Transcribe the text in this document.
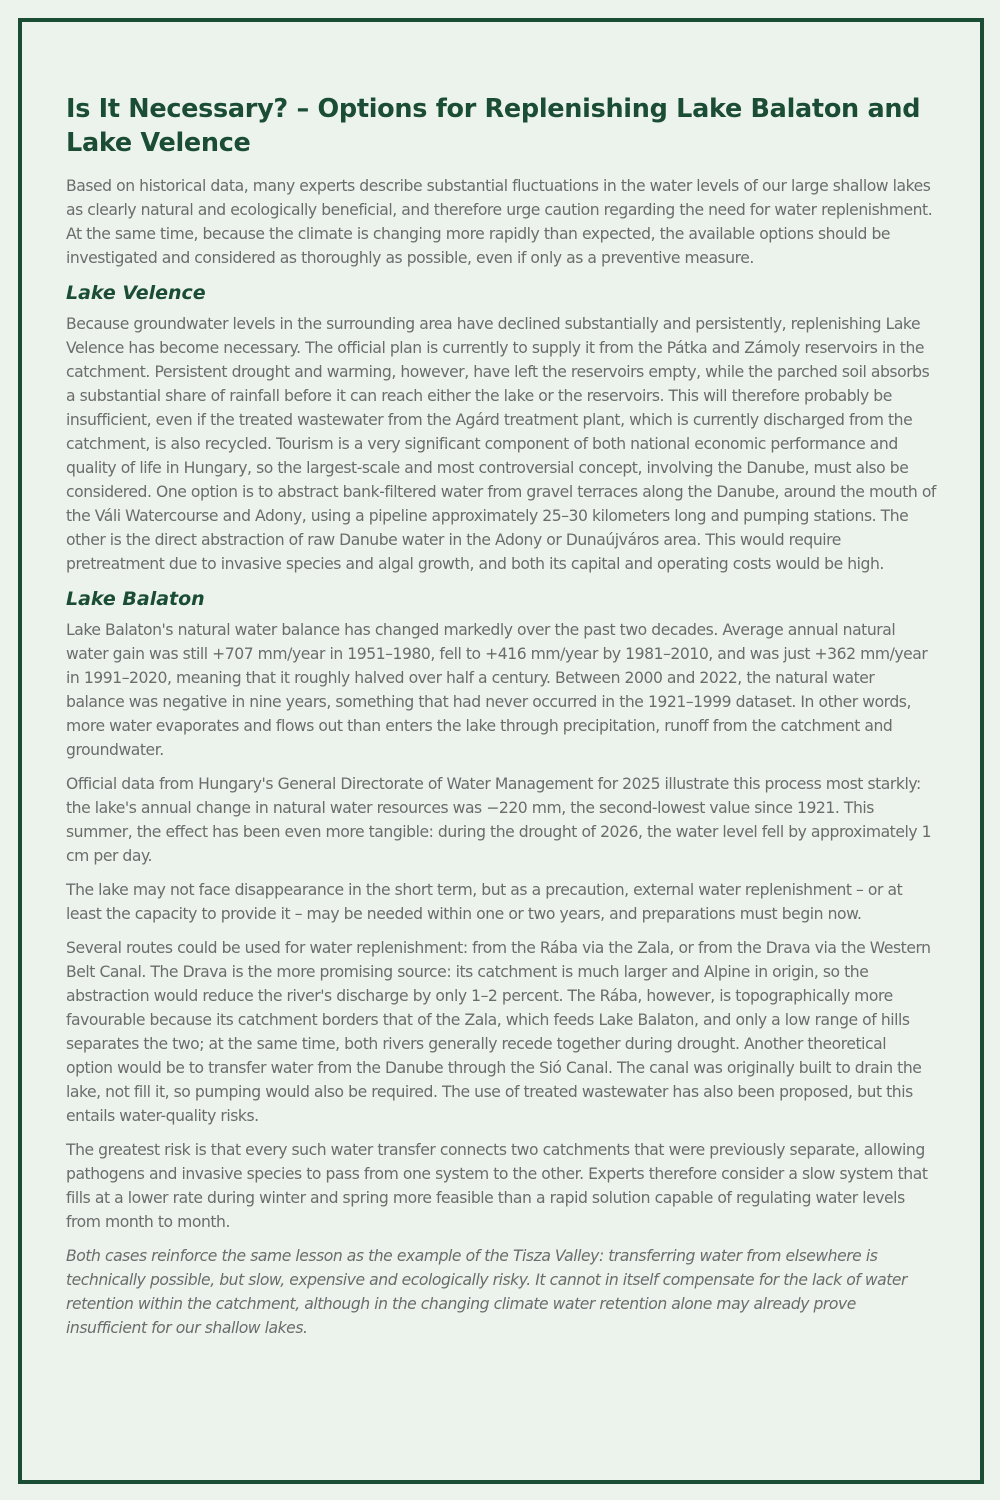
Is It Necessary? – Options for Replenishing Lake Balaton and Lake Velence

Based on historical data, many experts describe substantial fluctuations in the water levels of our large shallow lakes as clearly natural and ecologically beneficial, and therefore urge caution regarding the need for water replenishment. At the same time, because the climate is changing more rapidly than expected, the available options should be investigated and considered as thoroughly as possible, even if only as a preventive measure.

Lake Velence

Because groundwater levels in the surrounding area have declined substantially and persistently, replenishing Lake Velence has become necessary. The official plan is currently to supply it from the Pátka and Zámoly reservoirs in the catchment. Persistent drought and warming, however, have left the reservoirs empty, while the parched soil absorbs a substantial share of rainfall before it can reach either the lake or the reservoirs. This will therefore probably be insufficient, even if the treated wastewater from the Agárd treatment plant, which is currently discharged from the catchment, is also recycled. Tourism is a very significant component of both national economic performance and quality of life in Hungary, so the largest-scale and most controversial concept, involving the Danube, must also be considered. One option is to abstract bank-filtered water from gravel terraces along the Danube, around the mouth of the Váli Watercourse and Adony, using a pipeline approximately 25–30 kilometers long and pumping stations. The other is the direct abstraction of raw Danube water in the Adony or Dunaújváros area. This would require pretreatment due to invasive species and algal growth, and both its capital and operating costs would be high.

Lake Balaton

Lake Balaton's natural water balance has changed markedly over the past two decades. Average annual natural water gain was still +707 mm/year in 1951–1980, fell to +416 mm/year by 1981–2010, and was just +362 mm/year in 1991–2020, meaning that it roughly halved over half a century. Between 2000 and 2022, the natural water balance was negative in nine years, something that had never occurred in the 1921–1999 dataset. In other words, more water evaporates and flows out than enters the lake through precipitation, runoff from the catchment and groundwater.

Official data from Hungary's General Directorate of Water Management for 2025 illustrate this process most starkly: the lake's annual change in natural water resources was −220 mm, the second-lowest value since 1921. This summer, the effect has been even more tangible: during the drought of 2026, the water level fell by approximately 1 cm per day.

The lake may not face disappearance in the short term, but as a precaution, external water replenishment – or at least the capacity to provide it – may be needed within one or two years, and preparations must begin now.

Several routes could be used for water replenishment: from the Rába via the Zala, or from the Drava via the Western Belt Canal. The Drava is the more promising source: its catchment is much larger and Alpine in origin, so the abstraction would reduce the river's discharge by only 1–2 percent. The Rába, however, is topographically more favourable because its catchment borders that of the Zala, which feeds Lake Balaton, and only a low range of hills separates the two; at the same time, both rivers generally recede together during drought. Another theoretical option would be to transfer water from the Danube through the Sió Canal. The canal was originally built to drain the lake, not fill it, so pumping would also be required. The use of treated wastewater has also been proposed, but this entails water-quality risks.

The greatest risk is that every such water transfer connects two catchments that were previously separate, allowing pathogens and invasive species to pass from one system to the other. Experts therefore consider a slow system that fills at a lower rate during winter and spring more feasible than a rapid solution capable of regulating water levels from month to month.

Both cases reinforce the same lesson as the example of the Tisza Valley: transferring water from elsewhere is technically possible, but slow, expensive and ecologically risky. It cannot in itself compensate for the lack of water retention within the catchment, although in the changing climate water retention alone may already prove insufficient for our shallow lakes.
